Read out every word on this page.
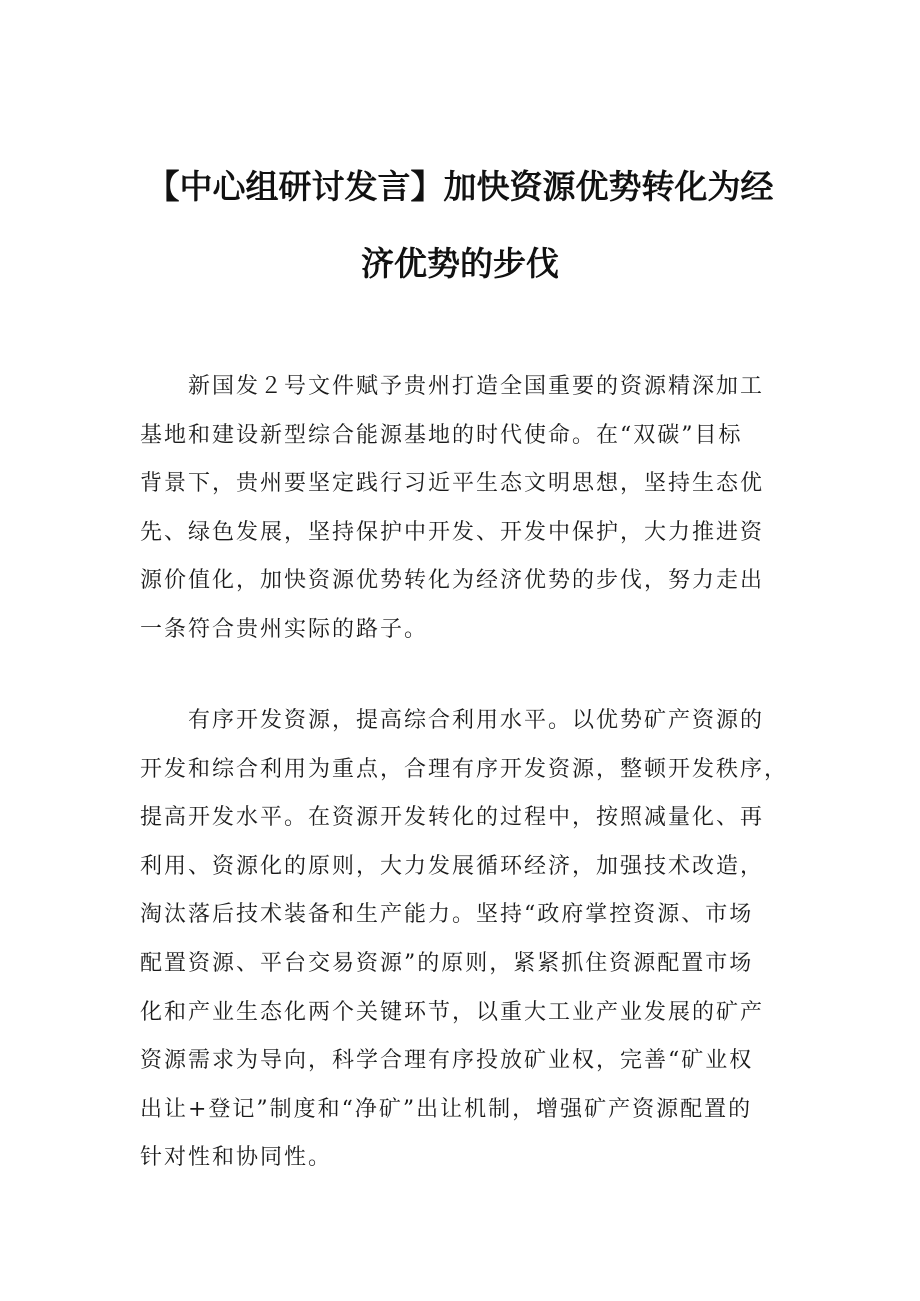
【中心组研讨发言】加快资源优势转化为经
济优势的步伐

新国发２号文件赋予贵州打造全国重要的资源精深加工
基地和建设新型综合能源基地的时代使命。在“双碳”目标
背景下，贵州要坚定践行习近平生态文明思想，坚持生态优
先、绿色发展，坚持保护中开发、开发中保护，大力推进资
源价值化，加快资源优势转化为经济优势的步伐，努力走出
一条符合贵州实际的路子。

有序开发资源，提高综合利用水平。以优势矿产资源的
开发和综合利用为重点，合理有序开发资源，整顿开发秩序，
提高开发水平。在资源开发转化的过程中，按照减量化、再
利用、资源化的原则，大力发展循环经济，加强技术改造，
淘汰落后技术装备和生产能力。坚持“政府掌控资源、市场
配置资源、平台交易资源”的原则，紧紧抓住资源配置市场
化和产业生态化两个关键环节，以重大工业产业发展的矿产
资源需求为导向，科学合理有序投放矿业权，完善“矿业权
出让+登记”制度和“净矿”出让机制，增强矿产资源配置的
针对性和协同性。
